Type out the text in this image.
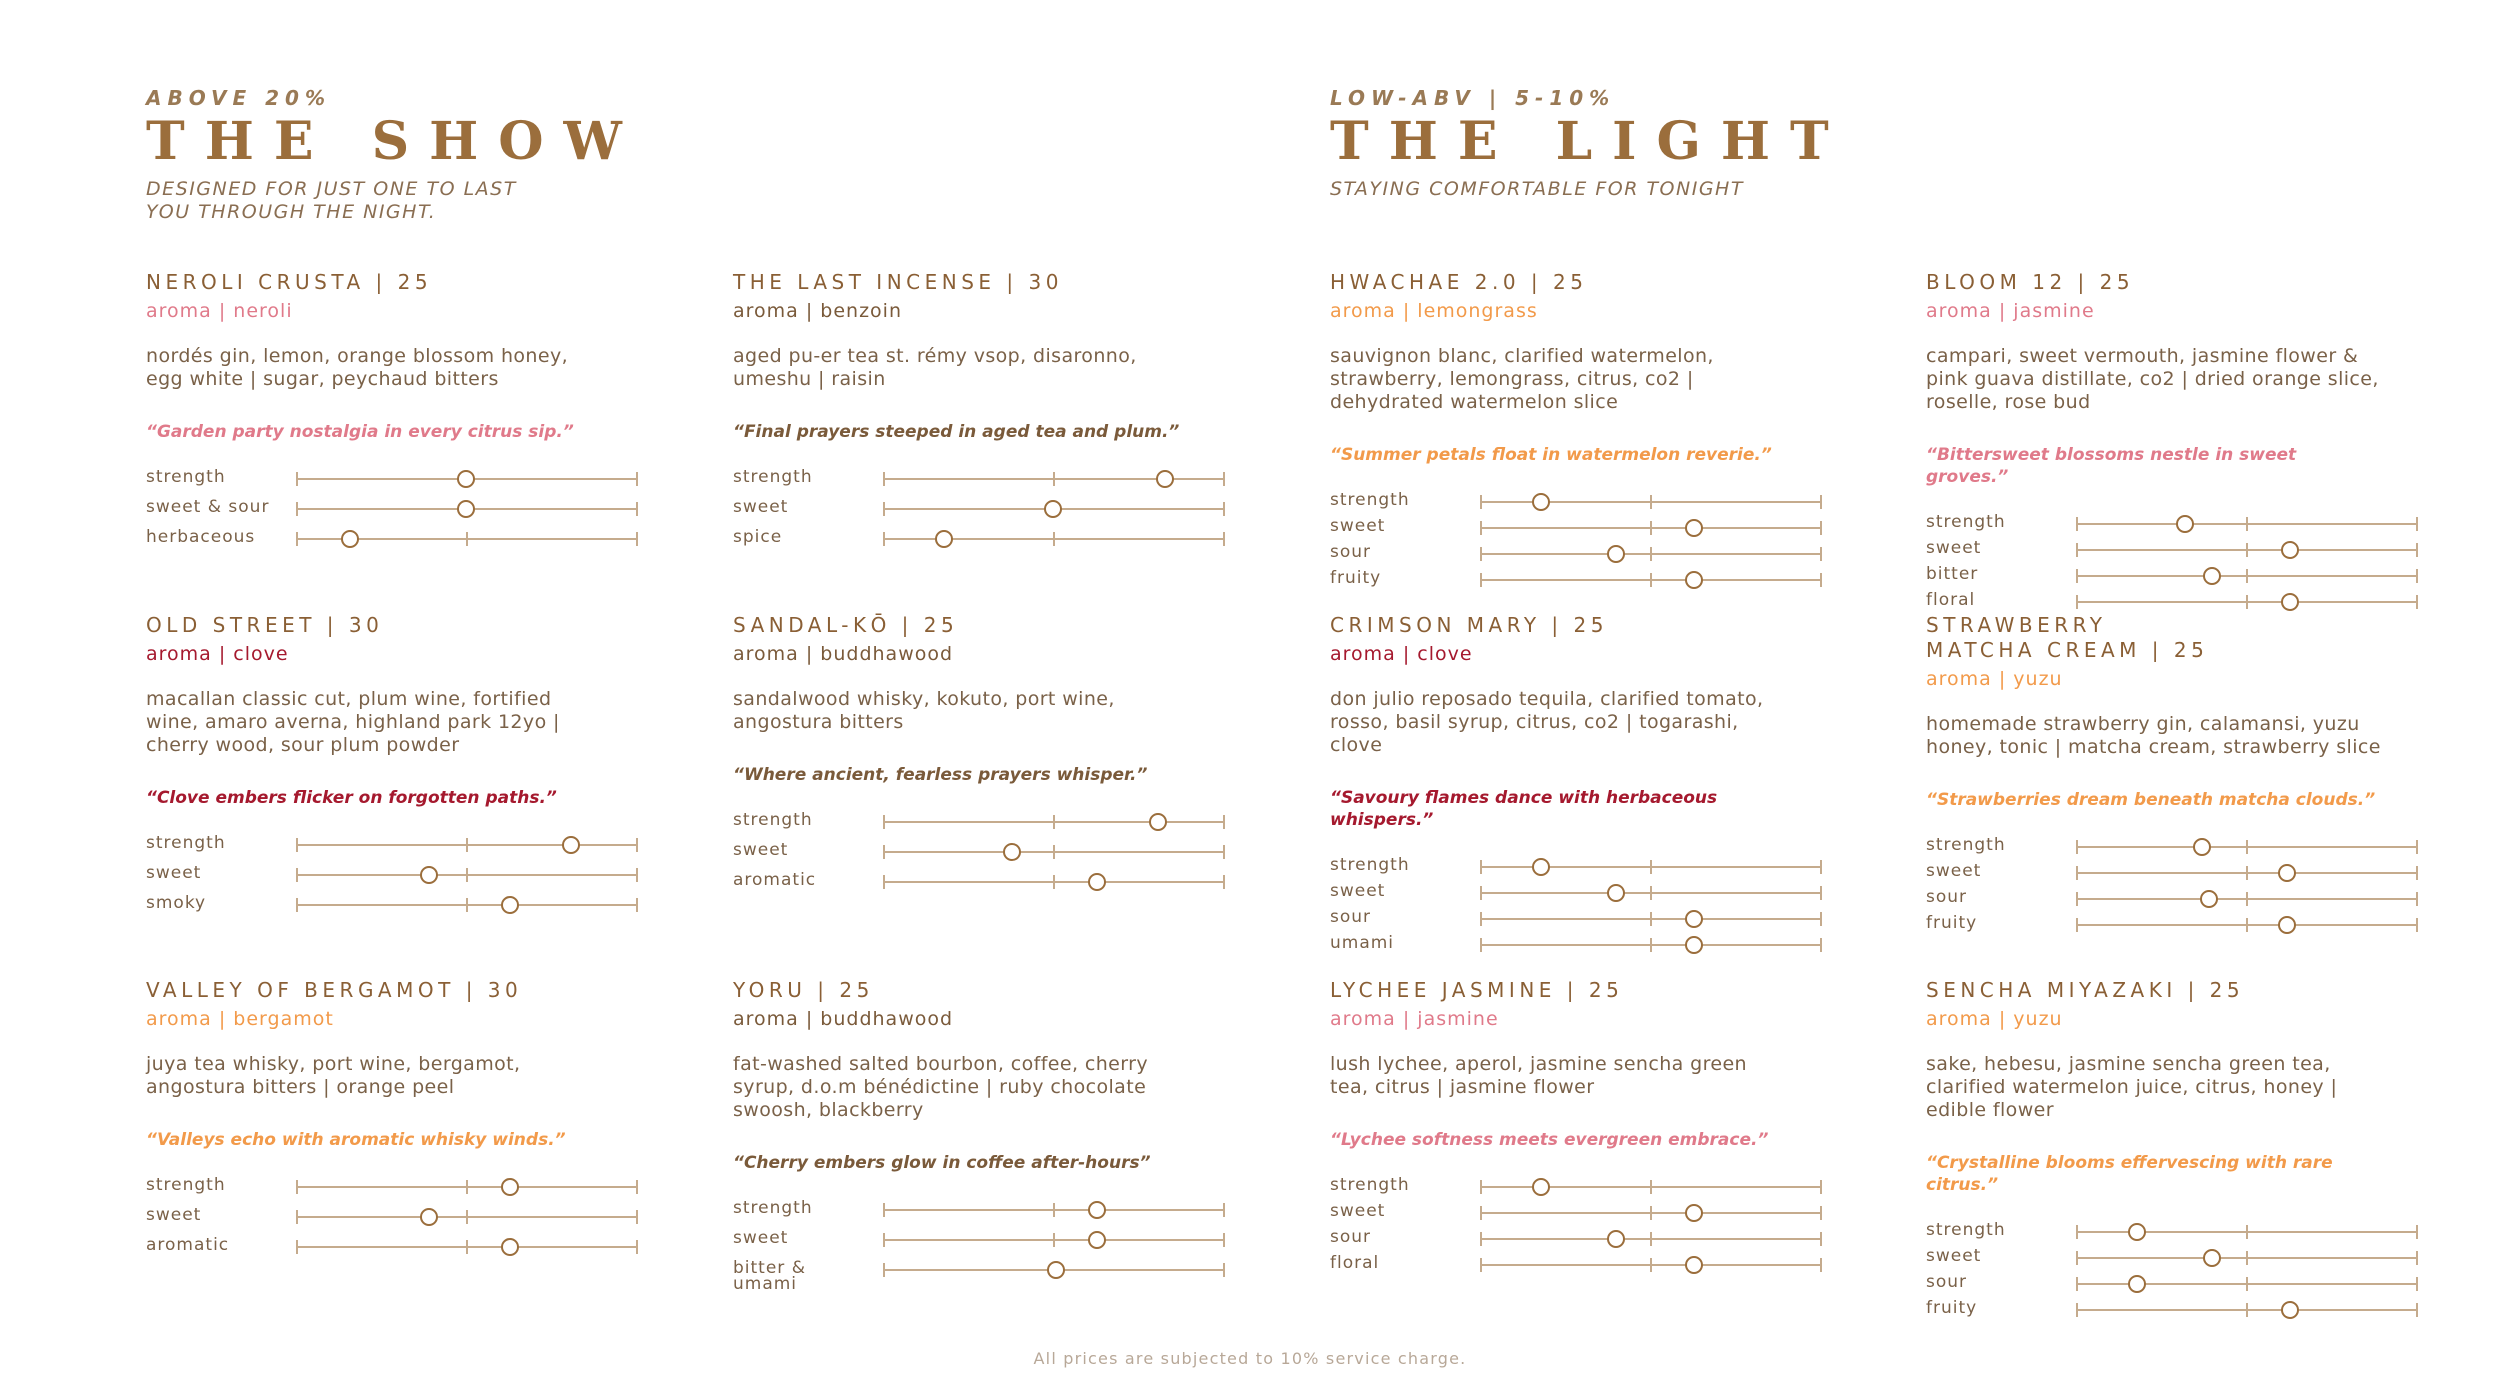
ABOVE 20%
THE SHOW
DESIGNED FOR JUST ONE TO LAST YOU THROUGH THE NIGHT.
LOW-ABV | 5-10%
THE LIGHT
STAYING COMFORTABLE FOR TONIGHT
NEROLI CRUSTA | 25
aroma | neroli
nordés gin, lemon, orange blossom honey, egg white | sugar, peychaud bitters
“Garden party nostalgia in every citrus sip.”
strength
sweet & sour
herbaceous
THE LAST INCENSE | 30
aroma | benzoin
aged pu-er tea st. rémy vsop, disaronno, umeshu | raisin
“Final prayers steeped in aged tea and plum.”
strength
sweet
spice
HWACHAE 2.0 | 25
aroma | lemongrass
sauvignon blanc, clarified watermelon, strawberry, lemongrass, citrus, co2 | dehydrated watermelon slice
“Summer petals float in watermelon reverie.”
strength
sweet
sour
fruity
BLOOM 12 | 25
aroma | jasmine
campari, sweet vermouth, jasmine flower & pink guava distillate, co2 | dried orange slice, roselle, rose bud
“Bittersweet blossoms nestle in sweet groves.”
strength
sweet
bitter
floral
OLD STREET | 30
aroma | clove
macallan classic cut, plum wine, fortified wine, amaro averna, highland park 12yo | cherry wood, sour plum powder
“Clove embers flicker on forgotten paths.”
strength
sweet
smoky
SANDAL-KŌ | 25
aroma | buddhawood
sandalwood whisky, kokuto, port wine, angostura bitters
“Where ancient, fearless prayers whisper.”
strength
sweet
aromatic
CRIMSON MARY | 25
aroma | clove
don julio reposado tequila, clarified tomato, rosso, basil syrup, citrus, co2 | togarashi, clove
“Savoury flames dance with herbaceous whispers.”
strength
sweet
sour
umami
STRAWBERRY MATCHA CREAM | 25
aroma | yuzu
homemade strawberry gin, calamansi, yuzu honey, tonic | matcha cream, strawberry slice
“Strawberries dream beneath matcha clouds.”
strength
sweet
sour
fruity
VALLEY OF BERGAMOT | 30
aroma | bergamot
juya tea whisky, port wine, bergamot, angostura bitters | orange peel
“Valleys echo with aromatic whisky winds.”
strength
sweet
aromatic
YORU | 25
aroma | buddhawood
fat-washed salted bourbon, coffee, cherry syrup, d.o.m bénédictine | ruby chocolate swoosh, blackberry
“Cherry embers glow in coffee after-hours”
strength
sweet
bitter & umami
LYCHEE JASMINE | 25
aroma | jasmine
lush lychee, aperol, jasmine sencha green tea, citrus | jasmine flower
“Lychee softness meets evergreen embrace.”
strength
sweet
sour
floral
SENCHA MIYAZAKI | 25
aroma | yuzu
sake, hebesu, jasmine sencha green tea, clarified watermelon juice, citrus, honey | edible flower
“Crystalline blooms effervescing with rare citrus.”
strength
sweet
sour
fruity
All prices are subjected to 10% service charge.
